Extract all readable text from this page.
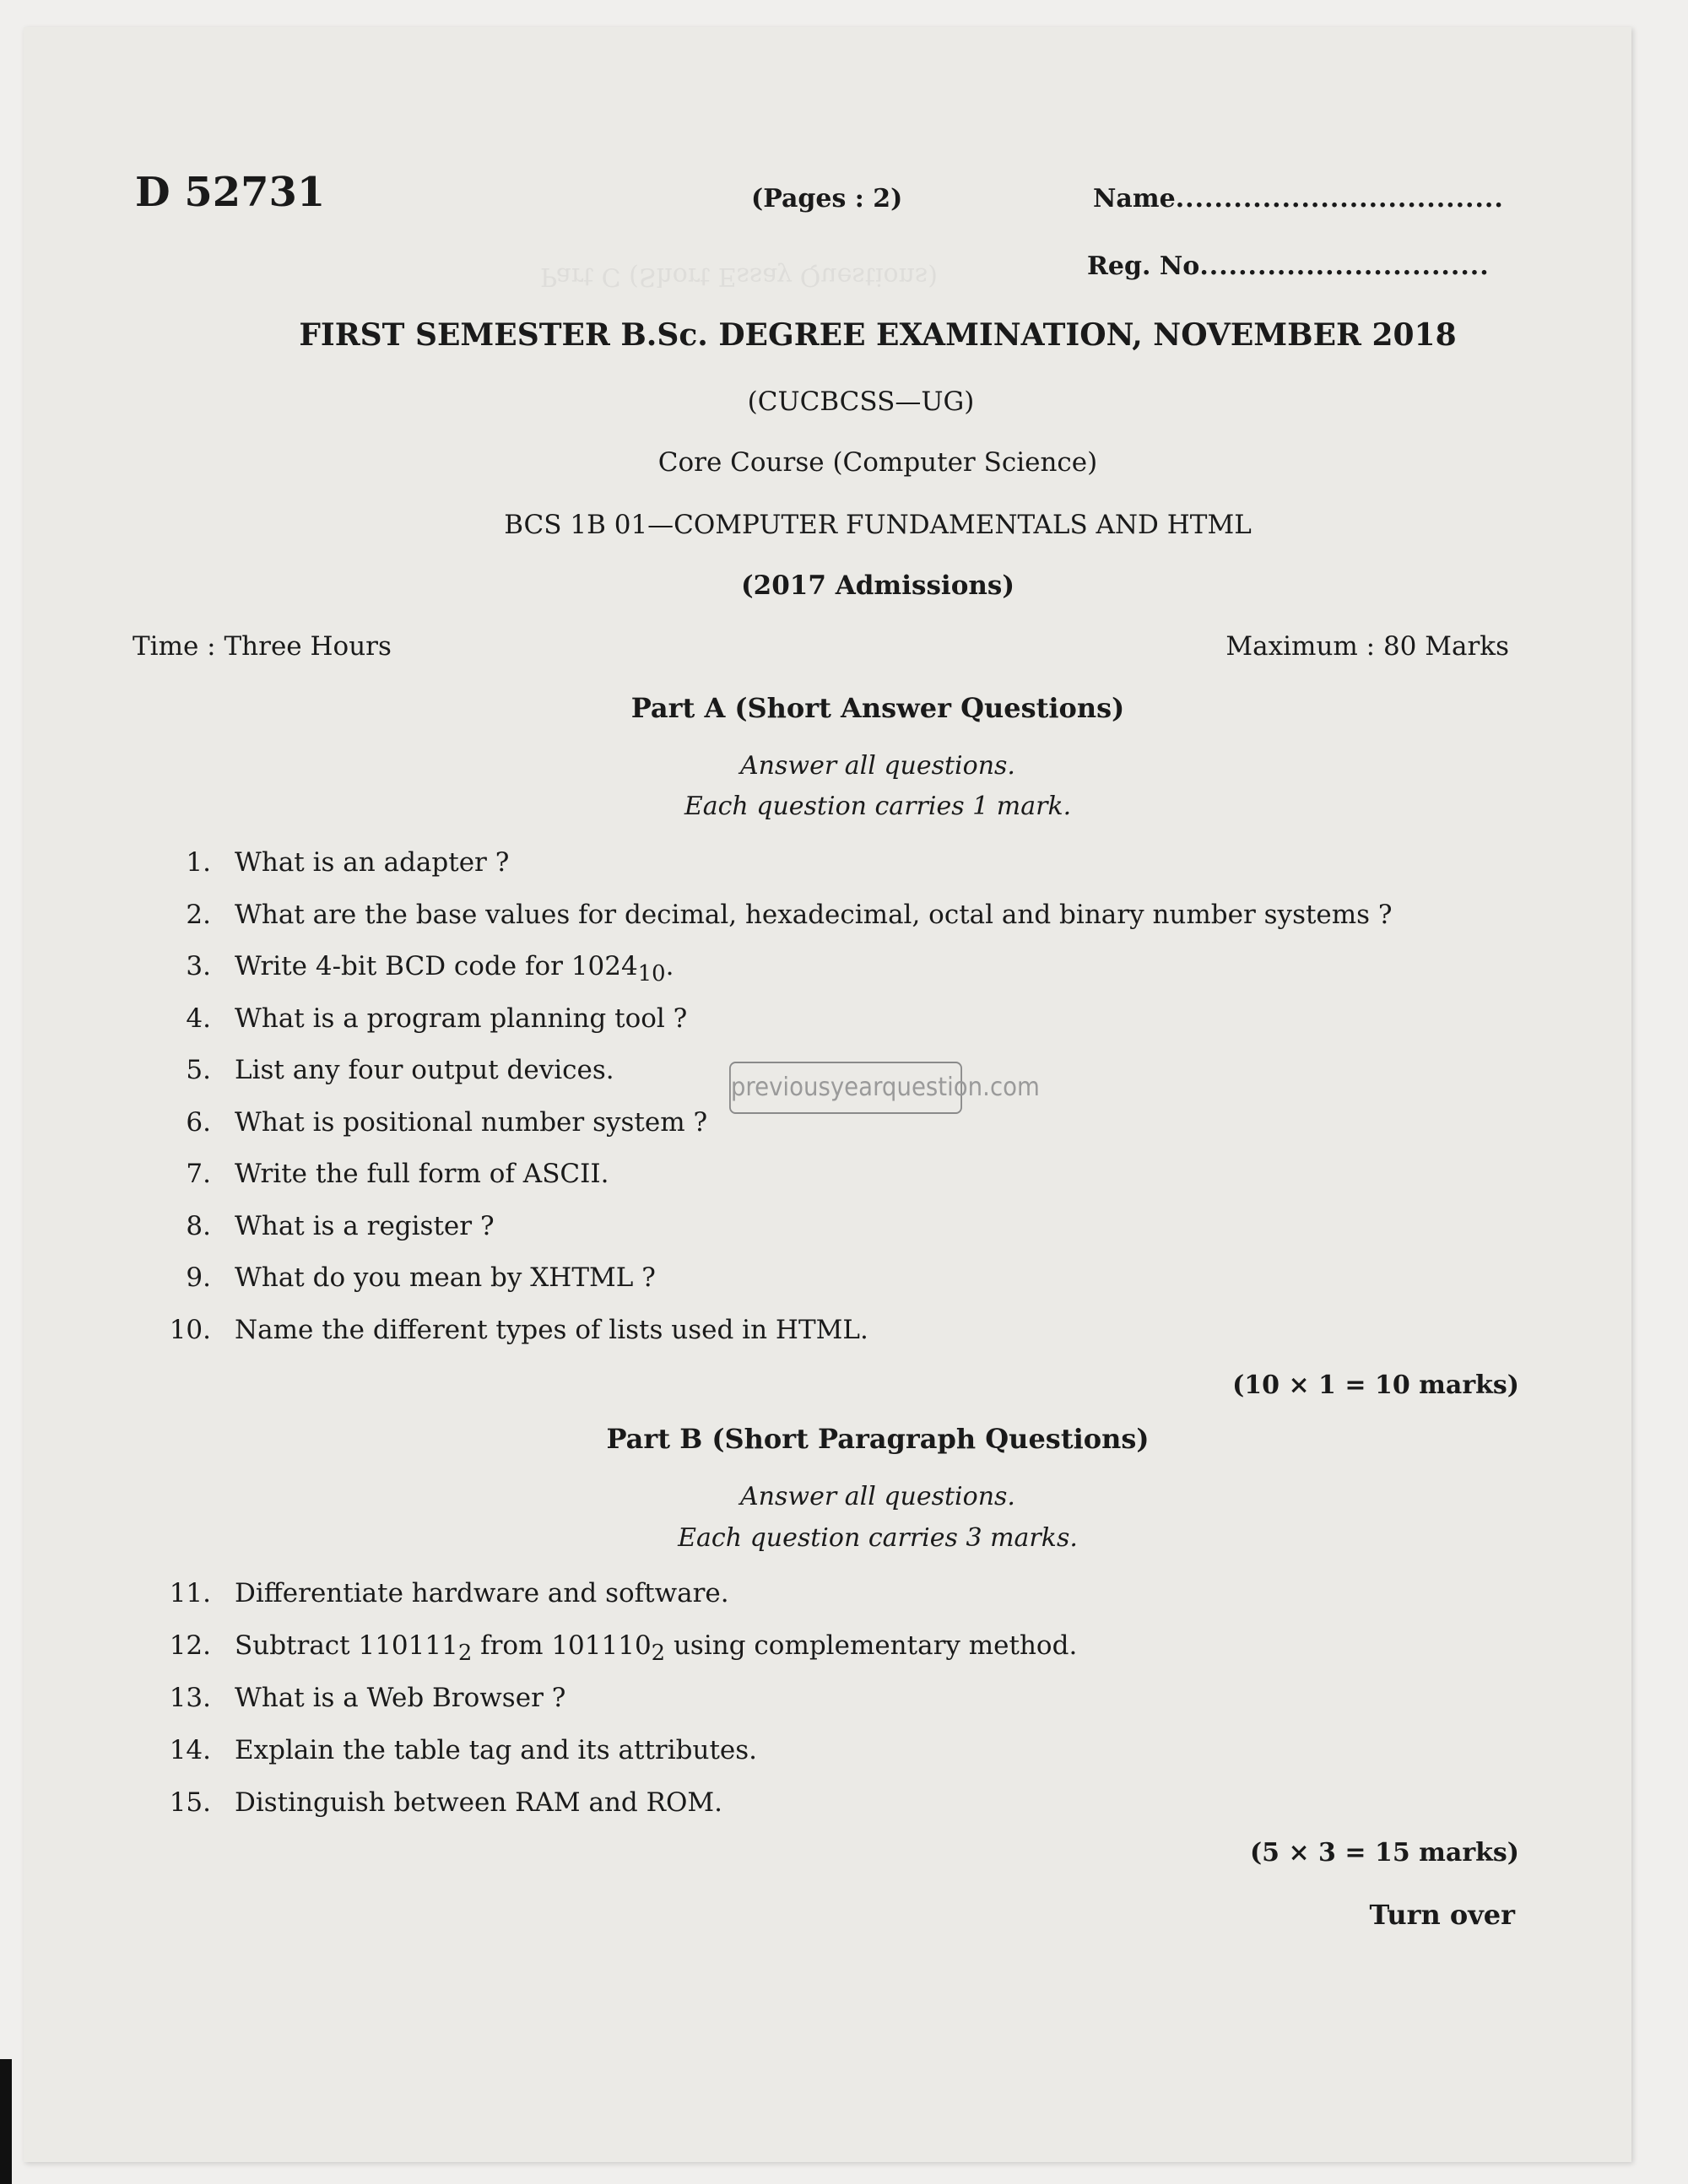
Part C (Short Essay Questions)
D 52731	(Pages : 2)	Name..................................
Reg. No..............................
FIRST SEMESTER B.Sc. DEGREE EXAMINATION, NOVEMBER 2018
(CUCBCSS—UG)
Core Course (Computer Science)
BCS 1B 01—COMPUTER FUNDAMENTALS AND HTML
(2017 Admissions)
Time : Three Hours	Maximum : 80 Marks
Part A (Short Answer Questions)
Answer all questions.
Each question carries 1 mark.
1. What is an adapter ?
2. What are the base values for decimal, hexadecimal, octal and binary number systems ?
3. Write 4-bit BCD code for $1024_{10}$.
4. What is a program planning tool ?
5. List any four output devices.
6. What is positional number system ?
7. Write the full form of ASCII.
8. What is a register ?
9. What do you mean by XHTML ?
10. Name the different types of lists used in HTML.
(10 × 1 = 10 marks)
previousyearquestion.com
Part B (Short Paragraph Questions)
Answer all questions.
Each question carries 3 marks.
11. Differentiate hardware and software.
12. Subtract $110111_2$ from $101110_2$ using complementary method.
13. What is a Web Browser ?
14. Explain the table tag and its attributes.
15. Distinguish between RAM and ROM.
(5 × 3 = 15 marks)
Turn over
